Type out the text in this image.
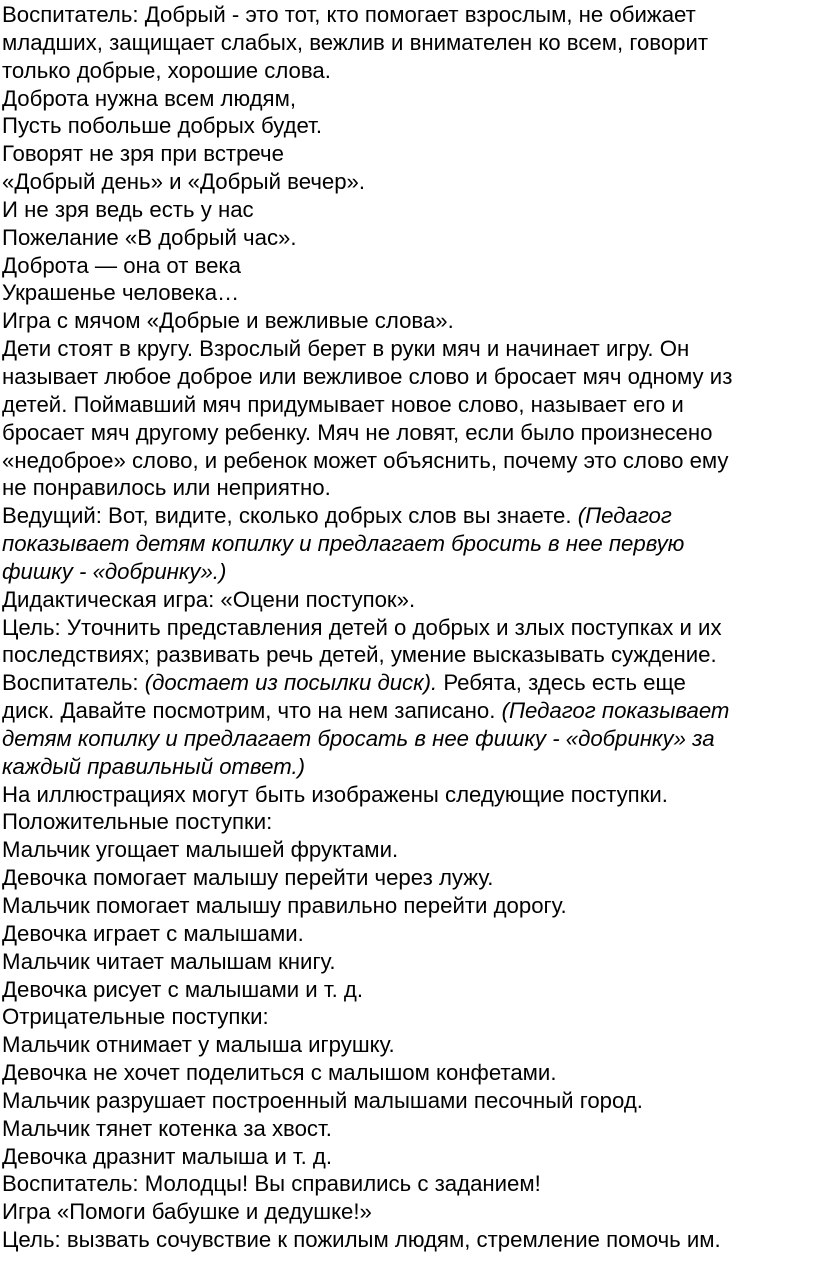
Воспитатель: Добрый - это тот, кто помогает взрослым, не обижает
младших, защищает слабых, вежлив и внимателен ко всем, говорит
только добрые, хорошие слова.
Доброта нужна всем людям,
Пусть побольше добрых будет.
Говорят не зря при встрече
«Добрый день» и «Добрый вечер».
И не зря ведь есть у нас
Пожелание «В добрый час».
Доброта — она от века
Украшенье человека…
Игра с мячом «Добрые и вежливые слова».
Дети стоят в кругу. Взрослый берет в руки мяч и начинает игру. Он
называет любое доброе или вежливое слово и бросает мяч одному из
детей. Поймавший мяч придумывает новое слово, называет его и
бросает мяч другому ребенку. Мяч не ловят, если было произнесено
«недоброе» слово, и ребенок может объяснить, почему это слово ему
не понравилось или неприятно.
Ведущий: Вот, видите, сколько добрых слов вы знаете. (Педагог
показывает детям копилку и предлагает бросить в нее первую
фишку - «добринку».)
Дидактическая игра: «Оцени поступок».
Цель: Уточнить представления детей о добрых и злых поступках и их
последствиях; развивать речь детей, умение высказывать суждение.
Воспитатель: (достает из посылки диск). Ребята, здесь есть еще
диск. Давайте посмотрим, что на нем записано. (Педагог показывает
детям копилку и предлагает бросать в нее фишку - «добринку» за
каждый правильный ответ.)
На иллюстрациях могут быть изображены следующие поступки.
Положительные поступки:
Мальчик угощает малышей фруктами.
Девочка помогает малышу перейти через лужу.
Мальчик помогает малышу правильно перейти дорогу.
Девочка играет с малышами.
Мальчик читает малышам книгу.
Девочка рисует с малышами и т. д.
Отрицательные поступки:
Мальчик отнимает у малыша игрушку.
Девочка не хочет поделиться с малышом конфетами.
Мальчик разрушает построенный малышами песочный город.
Мальчик тянет котенка за хвост.
Девочка дразнит малыша и т. д.
Воспитатель: Молодцы! Вы справились с заданием!
Игра «Помоги бабушке и дедушке!»
Цель: вызвать сочувствие к пожилым людям, стремление помочь им.
